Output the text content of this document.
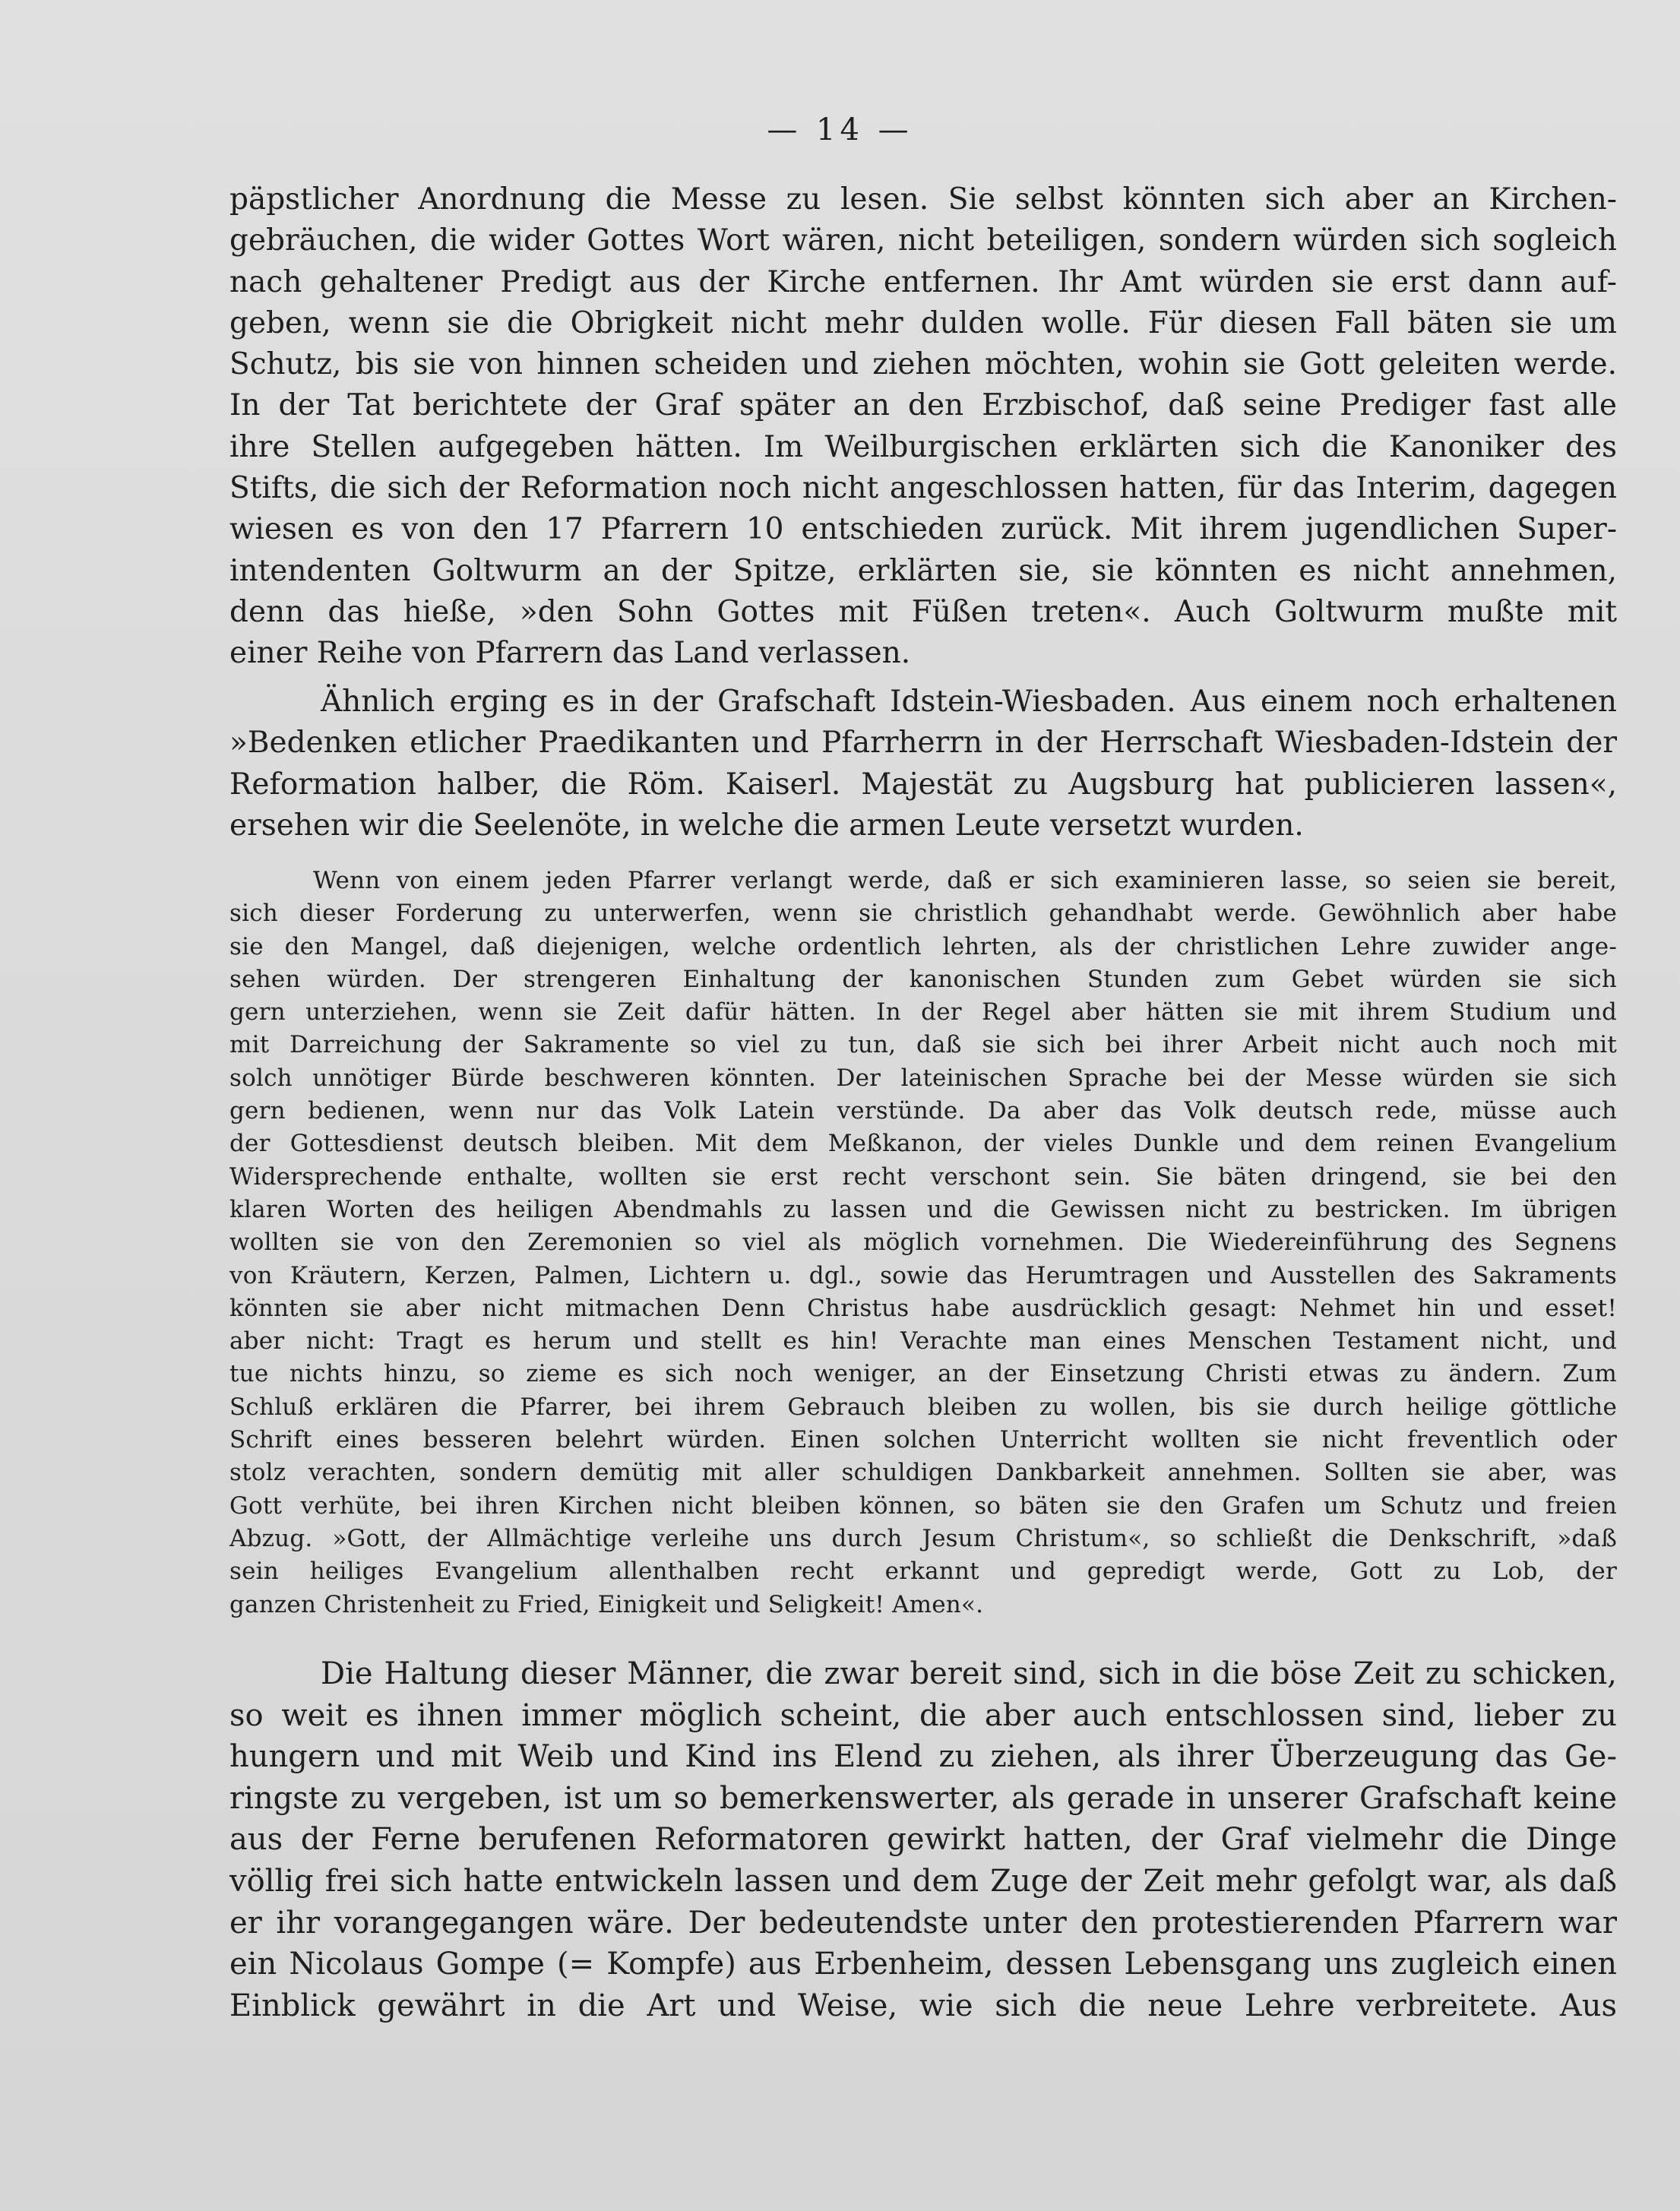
— 14 —
päpstlicher Anordnung die Messe zu lesen. Sie selbst könnten sich aber an Kirchen-
gebräuchen, die wider Gottes Wort wären, nicht beteiligen, sondern würden sich sogleich
nach gehaltener Predigt aus der Kirche entfernen. Ihr Amt würden sie erst dann auf-
geben, wenn sie die Obrigkeit nicht mehr dulden wolle. Für diesen Fall bäten sie um
Schutz, bis sie von hinnen scheiden und ziehen möchten, wohin sie Gott geleiten werde.
In der Tat berichtete der Graf später an den Erzbischof, daß seine Prediger fast alle
ihre Stellen aufgegeben hätten. Im Weilburgischen erklärten sich die Kanoniker des
Stifts, die sich der Reformation noch nicht angeschlossen hatten, für das Interim, dagegen
wiesen es von den 17 Pfarrern 10 entschieden zurück. Mit ihrem jugendlichen Super-
intendenten Goltwurm an der Spitze, erklärten sie, sie könnten es nicht annehmen,
denn das hieße, »den Sohn Gottes mit Füßen treten«. Auch Goltwurm mußte mit
einer Reihe von Pfarrern das Land verlassen.
Ähnlich erging es in der Grafschaft Idstein-Wiesbaden. Aus einem noch erhaltenen
»Bedenken etlicher Praedikanten und Pfarrherrn in der Herrschaft Wiesbaden-Idstein der
Reformation halber, die Röm. Kaiserl. Majestät zu Augsburg hat publicieren lassen«,
ersehen wir die Seelenöte, in welche die armen Leute versetzt wurden.
Wenn von einem jeden Pfarrer verlangt werde, daß er sich examinieren lasse, so seien sie bereit,
sich dieser Forderung zu unterwerfen, wenn sie christlich gehandhabt werde. Gewöhnlich aber habe
sie den Mangel, daß diejenigen, welche ordentlich lehrten, als der christlichen Lehre zuwider ange-
sehen würden. Der strengeren Einhaltung der kanonischen Stunden zum Gebet würden sie sich
gern unterziehen, wenn sie Zeit dafür hätten. In der Regel aber hätten sie mit ihrem Studium und
mit Darreichung der Sakramente so viel zu tun, daß sie sich bei ihrer Arbeit nicht auch noch mit
solch unnötiger Bürde beschweren könnten. Der lateinischen Sprache bei der Messe würden sie sich
gern bedienen, wenn nur das Volk Latein verstünde. Da aber das Volk deutsch rede, müsse auch
der Gottesdienst deutsch bleiben. Mit dem Meßkanon, der vieles Dunkle und dem reinen Evangelium
Widersprechende enthalte, wollten sie erst recht verschont sein. Sie bäten dringend, sie bei den
klaren Worten des heiligen Abendmahls zu lassen und die Gewissen nicht zu bestricken. Im übrigen
wollten sie von den Zeremonien so viel als möglich vornehmen. Die Wiedereinführung des Segnens
von Kräutern, Kerzen, Palmen, Lichtern u. dgl., sowie das Herumtragen und Ausstellen des Sakraments
könnten sie aber nicht mitmachen Denn Christus habe ausdrücklich gesagt: Nehmet hin und esset!
aber nicht: Tragt es herum und stellt es hin! Verachte man eines Menschen Testament nicht, und
tue nichts hinzu, so zieme es sich noch weniger, an der Einsetzung Christi etwas zu ändern. Zum
Schluß erklären die Pfarrer, bei ihrem Gebrauch bleiben zu wollen, bis sie durch heilige göttliche
Schrift eines besseren belehrt würden. Einen solchen Unterricht wollten sie nicht freventlich oder
stolz verachten, sondern demütig mit aller schuldigen Dankbarkeit annehmen. Sollten sie aber, was
Gott verhüte, bei ihren Kirchen nicht bleiben können, so bäten sie den Grafen um Schutz und freien
Abzug. »Gott, der Allmächtige verleihe uns durch Jesum Christum«, so schließt die Denkschrift, »daß
sein heiliges Evangelium allenthalben recht erkannt und gepredigt werde, Gott zu Lob, der
ganzen Christenheit zu Fried, Einigkeit und Seligkeit! Amen«.
Die Haltung dieser Männer, die zwar bereit sind, sich in die böse Zeit zu schicken,
so weit es ihnen immer möglich scheint, die aber auch entschlossen sind, lieber zu
hungern und mit Weib und Kind ins Elend zu ziehen, als ihrer Überzeugung das Ge-
ringste zu vergeben, ist um so bemerkenswerter, als gerade in unserer Grafschaft keine
aus der Ferne berufenen Reformatoren gewirkt hatten, der Graf vielmehr die Dinge
völlig frei sich hatte entwickeln lassen und dem Zuge der Zeit mehr gefolgt war, als daß
er ihr vorangegangen wäre. Der bedeutendste unter den protestierenden Pfarrern war
ein Nicolaus Gompe (= Kompfe) aus Erbenheim, dessen Lebensgang uns zugleich einen
Einblick gewährt in die Art und Weise, wie sich die neue Lehre verbreitete. Aus
